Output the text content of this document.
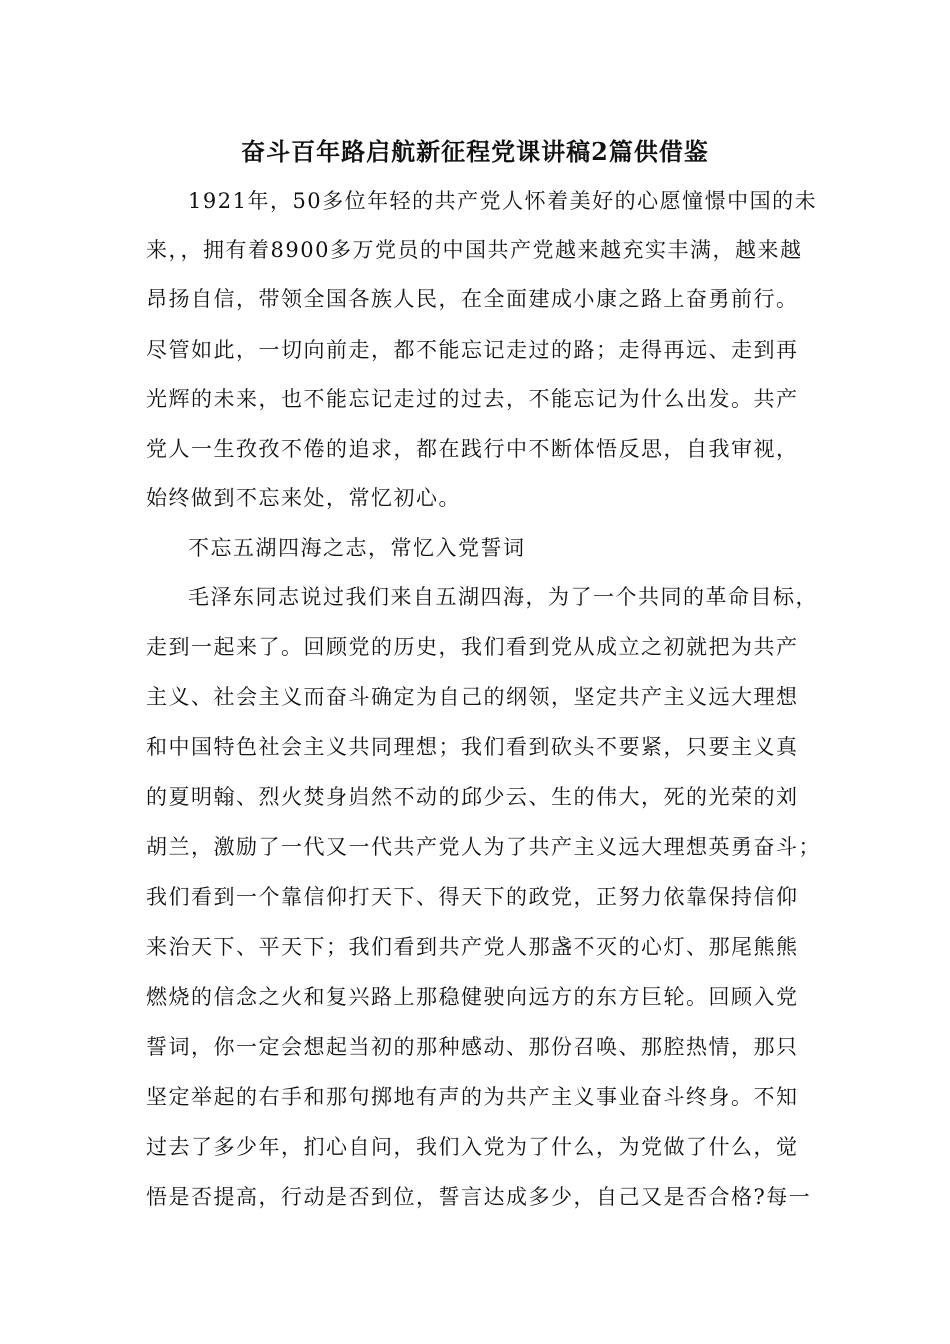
奋斗百年路启航新征程党课讲稿2篇供借鉴
1921年，50多位年轻的共产党人怀着美好的心愿憧憬中国的未
来，，拥有着8900多万党员的中国共产党越来越充实丰满，越来越
昂扬自信，带领全国各族人民，在全面建成小康之路上奋勇前行。
尽管如此，一切向前走，都不能忘记走过的路；走得再远、走到再
光辉的未来，也不能忘记走过的过去，不能忘记为什么出发。共产
党人一生孜孜不倦的追求，都在践行中不断体悟反思，自我审视，
始终做到不忘来处，常忆初心。
不忘五湖四海之志，常忆入党誓词
毛泽东同志说过我们来自五湖四海，为了一个共同的革命目标，
走到一起来了。回顾党的历史，我们看到党从成立之初就把为共产
主义、社会主义而奋斗确定为自己的纲领，坚定共产主义远大理想
和中国特色社会主义共同理想；我们看到砍头不要紧，只要主义真
的夏明翰、烈火焚身岿然不动的邱少云、生的伟大，死的光荣的刘
胡兰，激励了一代又一代共产党人为了共产主义远大理想英勇奋斗；
我们看到一个靠信仰打天下、得天下的政党，正努力依靠保持信仰
来治天下、平天下；我们看到共产党人那盏不灭的心灯、那尾熊熊
燃烧的信念之火和复兴路上那稳健驶向远方的东方巨轮。回顾入党
誓词，你一定会想起当初的那种感动、那份召唤、那腔热情，那只
坚定举起的右手和那句掷地有声的为共产主义事业奋斗终身。不知
过去了多少年，扪心自问，我们入党为了什么，为党做了什么，觉
悟是否提高，行动是否到位，誓言达成多少，自己又是否合格?每一
